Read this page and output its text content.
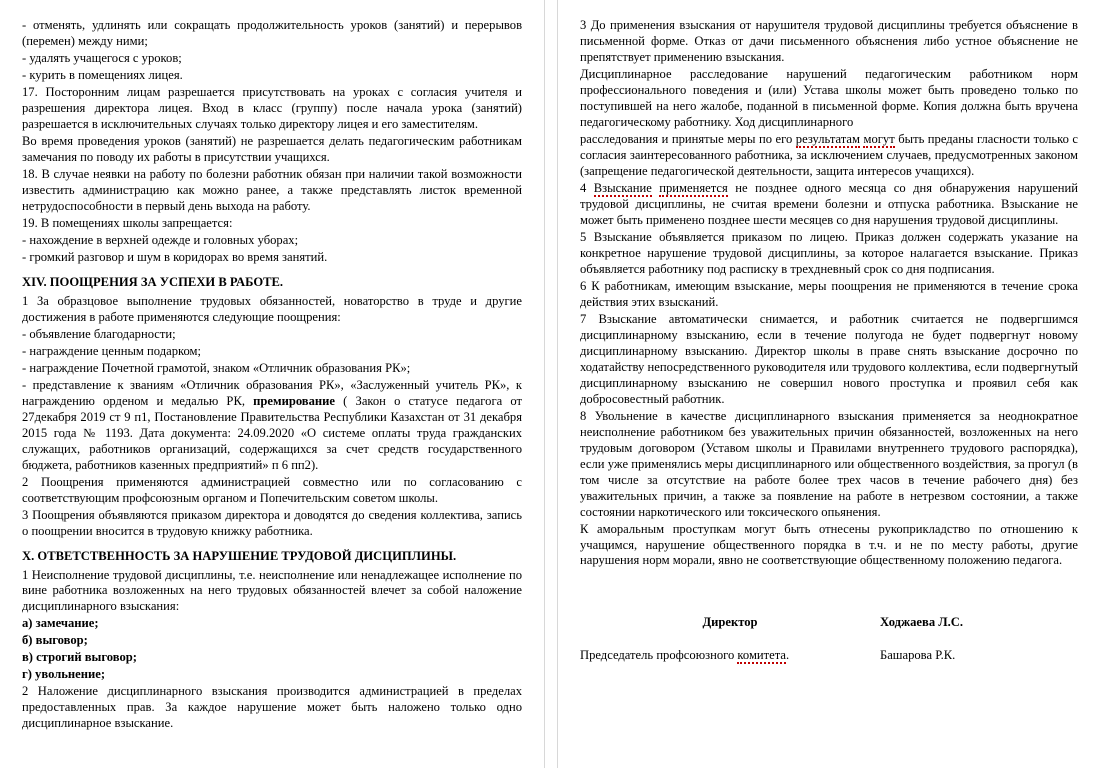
- отменять, удлинять или сокращать продолжительность уроков (занятий) и перерывов (перемен) между ними;

- удалять учащегося с уроков;

- курить в помещениях лицея.

17. Посторонним лицам разрешается присутствовать на уроках с согласия учителя и разрешения директора лицея. Вход в класс (группу) после начала урока (занятий) разрешается в исключительных случаях только директору лицея и его заместителям.

Во время проведения уроков (занятий) не разрешается делать педагогическим работникам замечания по поводу их работы в присутствии учащихся.

18. В случае неявки на работу по болезни работник обязан при наличии такой возможности известить администрацию как можно ранее, а также представлять листок временной нетрудоспособности в первый день выхода на работу.

19. В помещениях школы запрещается:

- нахождение в верхней одежде и головных уборах;

- громкий разговор и шум в коридорах во время занятий.

XIV. ПООЩРЕНИЯ ЗА УСПЕХИ В РАБОТЕ.

1 За образцовое выполнение трудовых обязанностей, новаторство в труде и другие достижения в работе применяются следующие поощрения:

- объявление благодарности;

- награждение ценным подарком;

- награждение Почетной грамотой, знаком «Отличник образования РК»;

- представление к званиям «Отличник образования РК», «Заслуженный учитель РК», к награждению орденом и медалью РК, премирование ( Закон о статусе педагога от 27декабря 2019 ст 9 п1, Постановление Правительства Республики Казахстан от 31 декабря 2015 года № 1193. Дата документа: 24.09.2020 «О системе оплаты труда гражданских служащих, работников организаций, содержащихся за счет средств государственного бюджета, работников казенных предприятий» п 6 пп2).

2 Поощрения применяются администрацией совместно или по согласованию с соответствующим профсоюзным органом и Попечительским советом школы.

3 Поощрения объявляются приказом директора и доводятся до сведения коллектива, запись о поощрении вносится в трудовую книжку работника.

X. ОТВЕТСТВЕННОСТЬ ЗА НАРУШЕНИЕ ТРУДОВОЙ ДИСЦИПЛИНЫ.

1 Неисполнение трудовой дисциплины, т.е. неисполнение или ненадлежащее исполнение по вине работника возложенных на него трудовых обязанностей влечет за собой наложение дисциплинарного взыскания:

а) замечание;

б) выговор;

в) строгий выговор;

г) увольнение;

2 Наложение дисциплинарного взыскания производится администрацией в пределах предоставленных прав. За каждое нарушение может быть наложено только одно дисциплинарное взыскание.

3 До применения взыскания от нарушителя трудовой дисциплины требуется объяснение в письменной форме. Отказ от дачи письменного объяснения либо устное объяснение не препятствует применению взыскания.

Дисциплинарное расследование нарушений педагогическим работником норм профессионального поведения и (или) Устава школы может быть проведено только по поступившей на него жалобе, поданной в письменной форме. Копия должна быть вручена педагогическому работнику. Ход дисциплинарного

расследования и принятые меры по его результатам могут быть преданы гласности только с согласия заинтересованного работника, за исключением случаев, предусмотренных законом (запрещение педагогической деятельности, защита интересов учащихся).

4 Взыскание применяется не позднее одного месяца со дня обнаружения нарушений трудовой дисциплины, не считая времени болезни и отпуска работника. Взыскание не может быть применено позднее шести месяцев со дня нарушения трудовой дисциплины.

5 Взыскание объявляется приказом по лицею. Приказ должен содержать указание на конкретное нарушение трудовой дисциплины, за которое налагается взыскание. Приказ объявляется работнику под расписку в трехдневный срок со дня подписания.

6 К работникам, имеющим взыскание, меры поощрения не применяются в течение срока действия этих взысканий.

7 Взыскание автоматически снимается, и работник считается не подвергшимся дисциплинарному взысканию, если в течение полугода не будет подвергнут новому дисциплинарному взысканию. Директор школы в праве снять взыскание досрочно по ходатайству непосредственного руководителя или трудового коллектива, если подвергнутый дисциплинарному взысканию не совершил нового проступка и проявил себя как добросовестный работник.

8 Увольнение в качестве дисциплинарного взыскания применяется за неоднократное неисполнение работником без уважительных причин обязанностей, возложенных на него трудовым договором (Уставом школы и Правилами внутреннего трудового распорядка), если уже применялись меры дисциплинарного или общественного воздействия, за прогул (в том числе за отсутствие на работе более трех часов в течение рабочего дня) без уважительных причин, а также за появление на работе в нетрезвом состоянии, а также состоянии наркотического или токсического опьянения.

К аморальным проступкам могут быть отнесены рукоприкладство по отношению к учащимся, нарушение общественного порядка в т.ч. и не по месту работы, другие нарушения норм морали, явно не соответствующие общественному положению педагога.

Директор	Ходжаева Л.С.
Председатель профсоюзного комитета.	Башарова Р.К.
